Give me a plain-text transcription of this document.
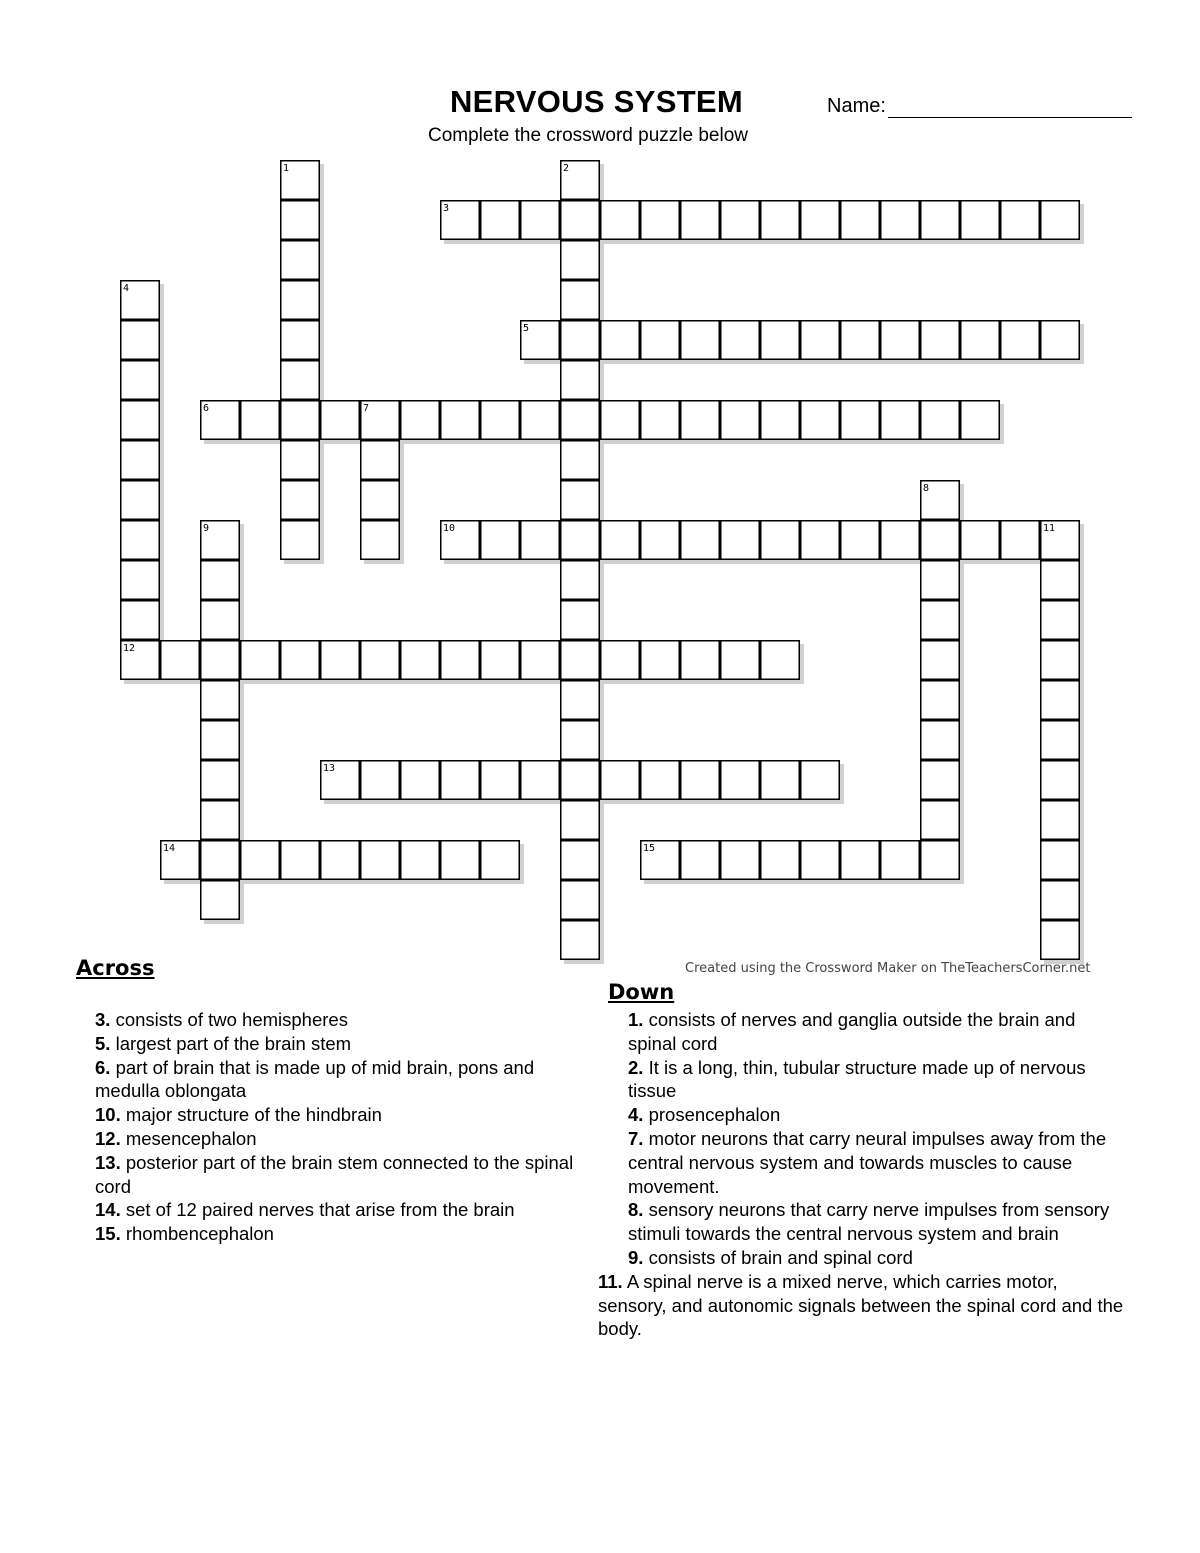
NERVOUS SYSTEM	Name:
Complete the crossword puzzle below
1	2
3
4
5
6	7
8
9	10	11
12
13
14	15
Created using the Crossword Maker on TheTeachersCorner.net
Across
Down

3. consists of two hemispheres

5. largest part of the brain stem

6. part of brain that is made up of mid brain, pons and medulla oblongata

10. major structure of the hindbrain

12. mesencephalon

13. posterior part of the brain stem connected to the spinal cord

14. set of 12 paired nerves that arise from the brain

15. rhombencephalon

1. consists of nerves and ganglia outside the brain and spinal cord

2. It is a long, thin, tubular structure made up of nervous tissue

4. prosencephalon

7. motor neurons that carry neural impulses away from the central nervous system and towards muscles to cause movement.

8. sensory neurons that carry nerve impulses from sensory stimuli towards the central nervous system and brain

9. consists of brain and spinal cord

11. A spinal nerve is a mixed nerve, which carries motor, sensory, and autonomic signals between the spinal cord and the body.
